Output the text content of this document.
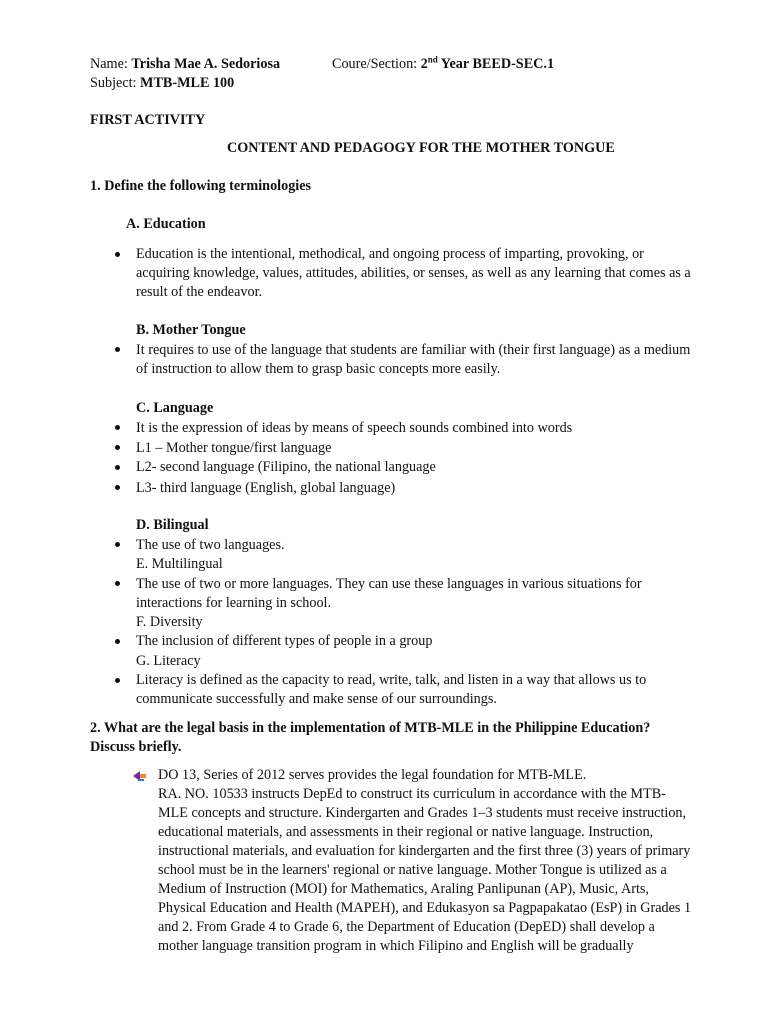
Name: Trisha Mae A. Sedoriosa	Coure/Section: 2nd Year BEED-SEC.1
Subject: MTB-MLE 100
FIRST ACTIVITY
CONTENT AND PEDAGOGY FOR THE MOTHER TONGUE
1. Define the following terminologies
A. Education
Education is the intentional, methodical, and ongoing process of imparting, provoking, or
acquiring knowledge, values, attitudes, abilities, or senses, as well as any learning that comes as a
result of the endeavor.
B. Mother Tongue
It requires to use of the language that students are familiar with (their first language) as a medium
of instruction to allow them to grasp basic concepts more easily.
C. Language
It is the expression of ideas by means of speech sounds combined into words
L1 – Mother tongue/first language
L2- second language (Filipino, the national language
L3- third language (English, global language)
D. Bilingual
The use of two languages.
E. Multilingual
The use of two or more languages. They can use these languages in various situations for
interactions for learning in school.
F. Diversity
The inclusion of different types of people in a group
G. Literacy
Literacy is defined as the capacity to read, write, talk, and listen in a way that allows us to
communicate successfully and make sense of our surroundings.
2. What are the legal basis in the implementation of MTB-MLE in the Philippine Education?
Discuss briefly.
DO 13, Series of 2012 serves provides the legal foundation for MTB-MLE.
RA. NO. 10533 instructs DepEd to construct its curriculum in accordance with the MTB-
MLE concepts and structure. Kindergarten and Grades 1–3 students must receive instruction,
educational materials, and assessments in their regional or native language. Instruction,
instructional materials, and evaluation for kindergarten and the first three (3) years of primary
school must be in the learners' regional or native language. Mother Tongue is utilized as a
Medium of Instruction (MOI) for Mathematics, Araling Panlipunan (AP), Music, Arts,
Physical Education and Health (MAPEH), and Edukasyon sa Pagpapakatao (EsP) in Grades 1
and 2. From Grade 4 to Grade 6, the Department of Education (DepED) shall develop a
mother language transition program in which Filipino and English will be gradually
